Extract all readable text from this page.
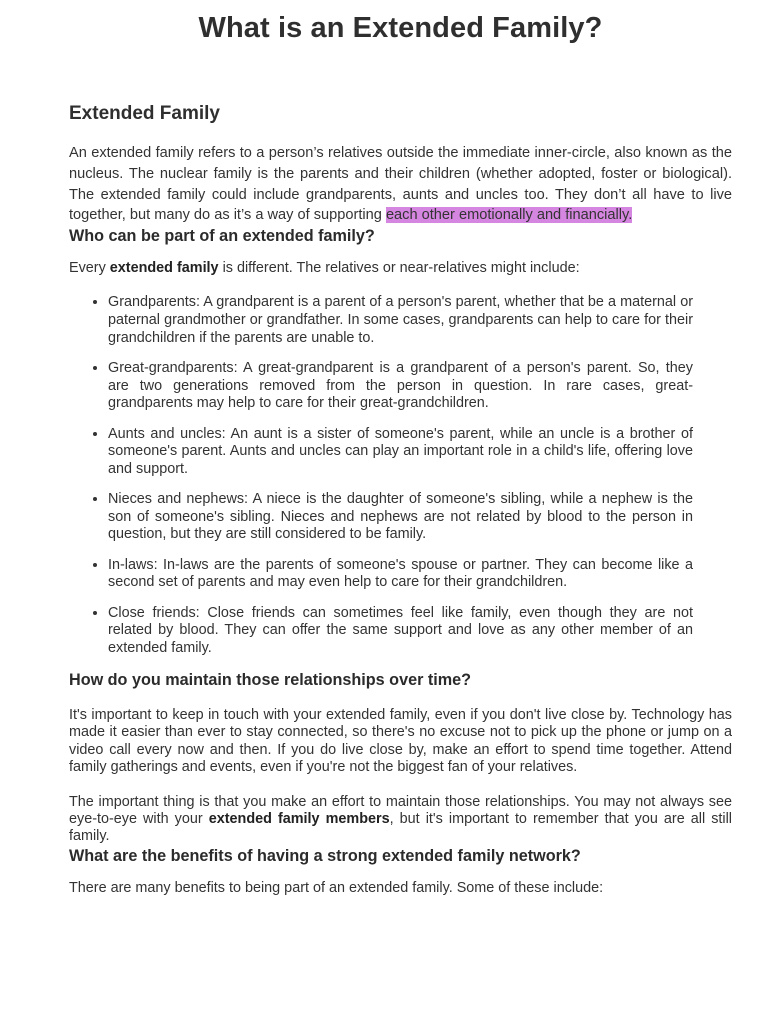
What is an Extended Family?
Extended Family

An extended family refers to a person’s relatives outside the immediate inner-circle, also known as the nucleus. The nuclear family is the parents and their children (whether adopted, foster or biological). The extended family could include grandparents, aunts and uncles too. They don’t all have to live together, but many do as it’s a way of supporting each other emotionally and financially.

Who can be part of an extended family?

Every extended family is different. The relatives or near-relatives might include:

• Grandparents: A grandparent is a parent of a person's parent, whether that be a maternal or paternal grandmother or grandfather. In some cases, grandparents can help to care for their grandchildren if the parents are unable to.
• Great-grandparents: A great-grandparent is a grandparent of a person's parent. So, they are two generations removed from the person in question. In rare cases, great-grandparents may help to care for their great-grandchildren.
• Aunts and uncles: An aunt is a sister of someone's parent, while an uncle is a brother of someone's parent. Aunts and uncles can play an important role in a child's life, offering love and support.
• Nieces and nephews: A niece is the daughter of someone's sibling, while a nephew is the son of someone's sibling. Nieces and nephews are not related by blood to the person in question, but they are still considered to be family.
• In-laws: In-laws are the parents of someone's spouse or partner. They can become like a second set of parents and may even help to care for their grandchildren.
• Close friends: Close friends can sometimes feel like family, even though they are not related by blood. They can offer the same support and love as any other member of an extended family.
How do you maintain those relationships over time?

It's important to keep in touch with your extended family, even if you don't live close by. Technology has made it easier than ever to stay connected, so there's no excuse not to pick up the phone or jump on a video call every now and then. If you do live close by, make an effort to spend time together. Attend family gatherings and events, even if you're not the biggest fan of your relatives.

The important thing is that you make an effort to maintain those relationships. You may not always see eye-to-eye with your extended family members, but it's important to remember that you are all still family.

What are the benefits of having a strong extended family network?

There are many benefits to being part of an extended family. Some of these include:
